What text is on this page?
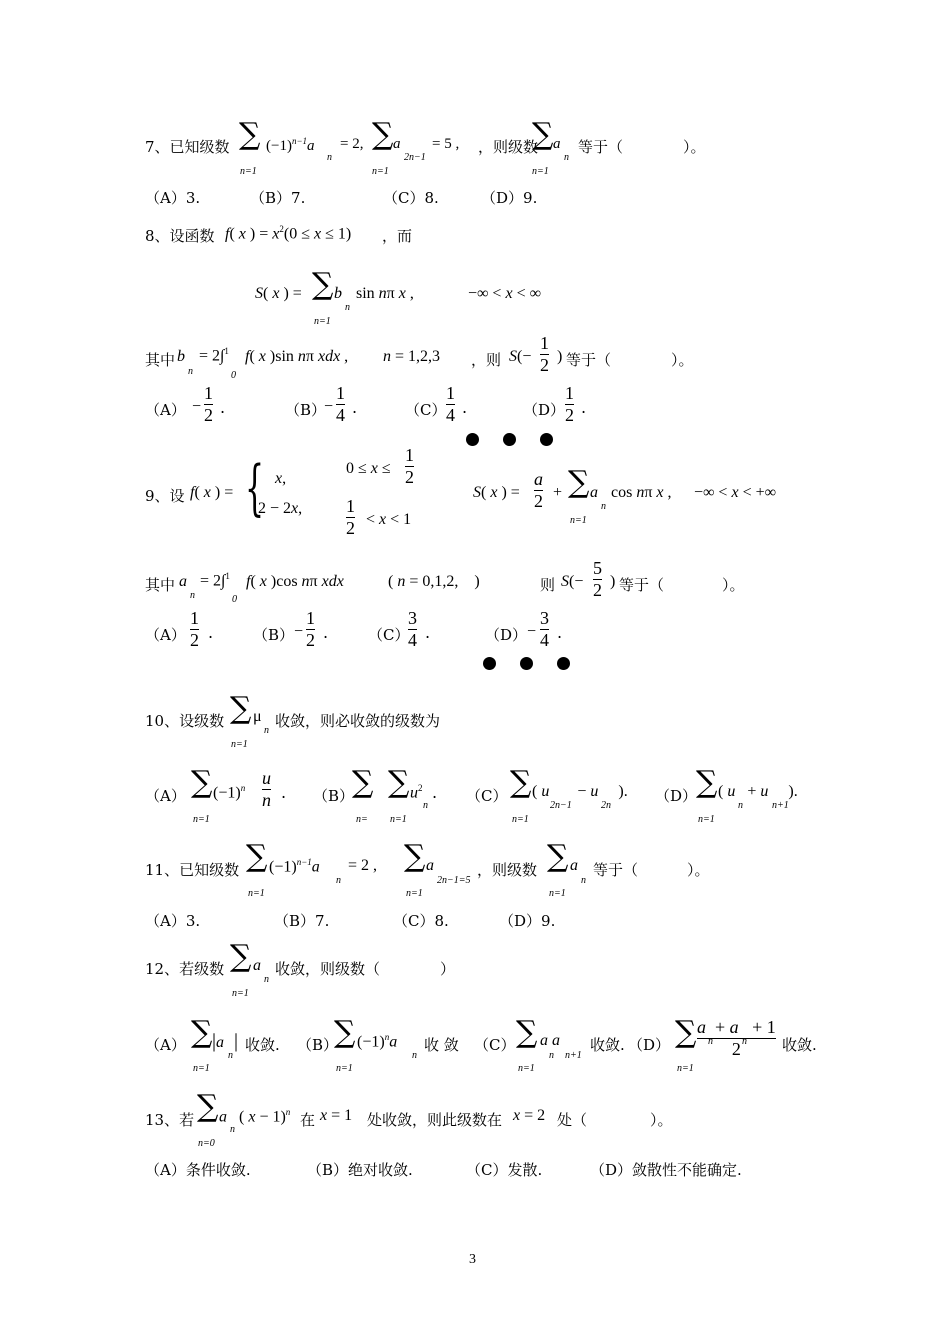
7、已知级数 ∑ $(-1)^{n-1}a$
n
= 2, ∑ a
2n−1
= 5 , ，则级数
∑ a
n
等于（	）。
n=1	n=1	n=1
（A）3.	（B）7.	（C）8.	（D）9.
8、设函数 f( x ) = $x^2(0 \le x \le 1)$ ，而
S( x ) = ∑ b
n
sin nπ x ,	−∞ < x < ∞
n=1
其中 b
n
= 2∫$^1$
0
f( x )sin nπ xdx , n = 1,2,3 ，则 S(−
1
2 ) 等于（	）。
（A） −
1
2 .	（B）
−
1
4 .	（C）
1
4 .	（D）
1
2 .
9、设 f( x ) = { x,
2 − 2x,
0 ≤ x ≤
1
2
1
2 < x < 1
S( x ) =
a
2 + ∑ a
n
cos nπ x , −∞ < x < +∞
n=1
其中 a
n
= 2∫$^1$
0
f( x )cos nπ xdx	( n = 0,1,2,    )	则 S(−
5
2 ) 等于（	）。
（A）
1
2 .	（B） −
1
2 .	（C）
3
4 .	（D） −
3
4 .
10、设级数 ∑ μ
n
收敛，则必收敛的级数为
n=1
（A） ∑ $(-1)^n$ u
n .
n=1
（B）
∑ ∑ $u^2$
n
.
n= n=1
（C） ∑ ( u       − u     ).
2n−1	2n
n=1
（D）
∑ ( u   + u     ).
n	n+1
n=1
11、已知级数 ∑ $(-1)^{n-1}a$
n
= 2 , ∑ a
2n−1=5
，则级数 ∑ a
n
等于（	）。
n=1	n=1	n=1
（A）3.	（B）7.	（C）8.	（D）9.
12、若级数 ∑ a
n
收敛，则级数（	）
n=1
（A） ∑ |a  |
n
收敛.
n=1
（B）
∑ $(-1)^na$
n
收 敛
n=1
（C） ∑ a a
n n+1
收敛.
n=1
（D） ∑ a  + a   + 1
2
n	n 收敛.
n=1
13、若 ∑ a   ( x − 1)$^n$
n
在 x = 1 处收敛，则此级数在 x = 2 处（	）。
n=0
（A）条件收敛.	（B）绝对收敛.	（C）发散.	（D）敛散性不能确定.
3
